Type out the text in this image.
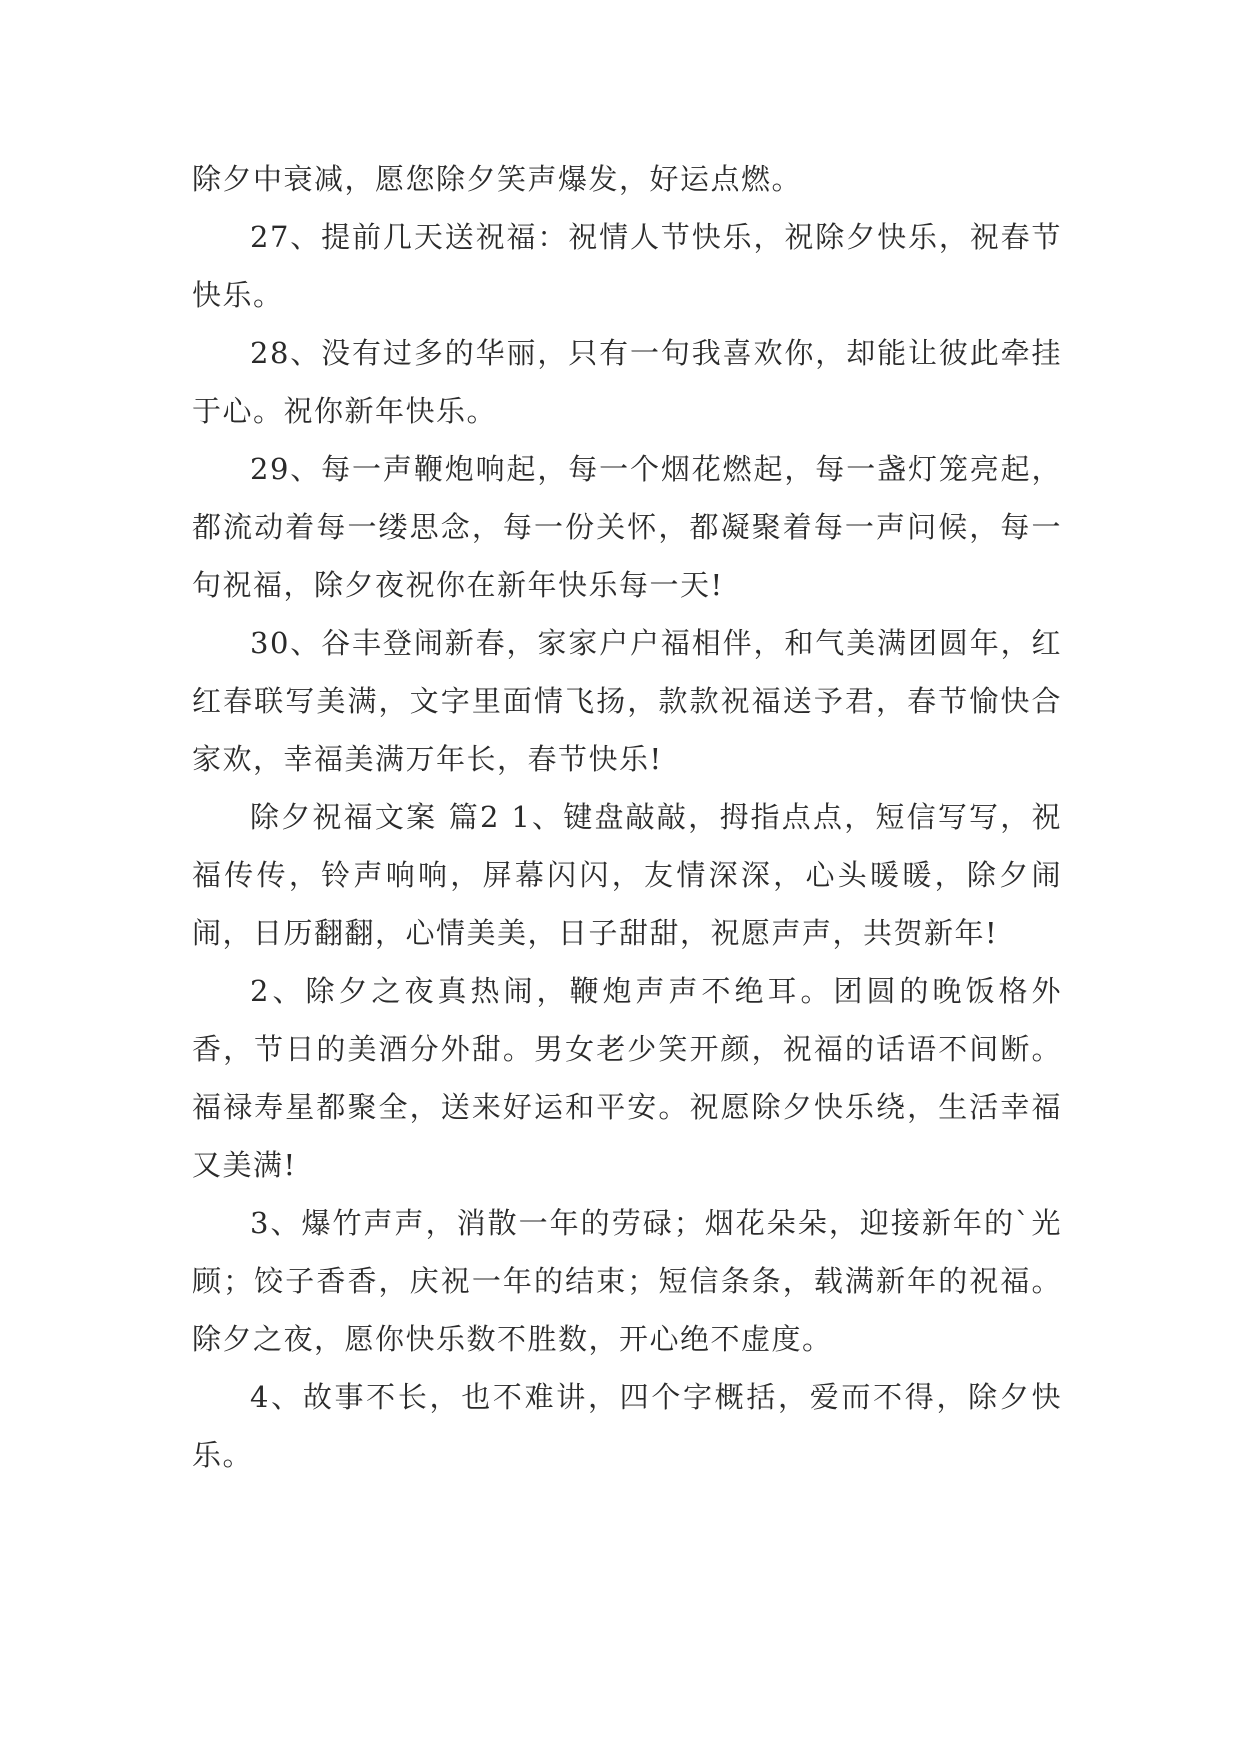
除夕中衰减，愿您除夕笑声爆发，好运点燃。

27、提前几天送祝福：祝情人节快乐，祝除夕快乐，祝春节快乐。

28、没有过多的华丽，只有一句我喜欢你，却能让彼此牵挂于心。祝你新年快乐。

29、每一声鞭炮响起，每一个烟花燃起，每一盏灯笼亮起，都流动着每一缕思念，每一份关怀，都凝聚着每一声问候，每一句祝福，除夕夜祝你在新年快乐每一天!

30、谷丰登闹新春，家家户户福相伴，和气美满团圆年，红红春联写美满，文字里面情飞扬，款款祝福送予君，春节愉快合家欢，幸福美满万年长，春节快乐!

除夕祝福文案 篇2 1、键盘敲敲，拇指点点，短信写写，祝福传传，铃声响响，屏幕闪闪，友情深深，心头暖暖，除夕闹闹，日历翻翻，心情美美，日子甜甜，祝愿声声，共贺新年!

2、除夕之夜真热闹，鞭炮声声不绝耳。团圆的晚饭格外香，节日的美酒分外甜。男女老少笑开颜，祝福的话语不间断。福禄寿星都聚全，送来好运和平安。祝愿除夕快乐绕，生活幸福又美满!

3、爆竹声声，消散一年的劳碌；烟花朵朵，迎接新年的`光顾；饺子香香，庆祝一年的结束；短信条条，载满新年的祝福。除夕之夜，愿你快乐数不胜数，开心绝不虚度。

4、故事不长，也不难讲，四个字概括，爱而不得，除夕快乐。
